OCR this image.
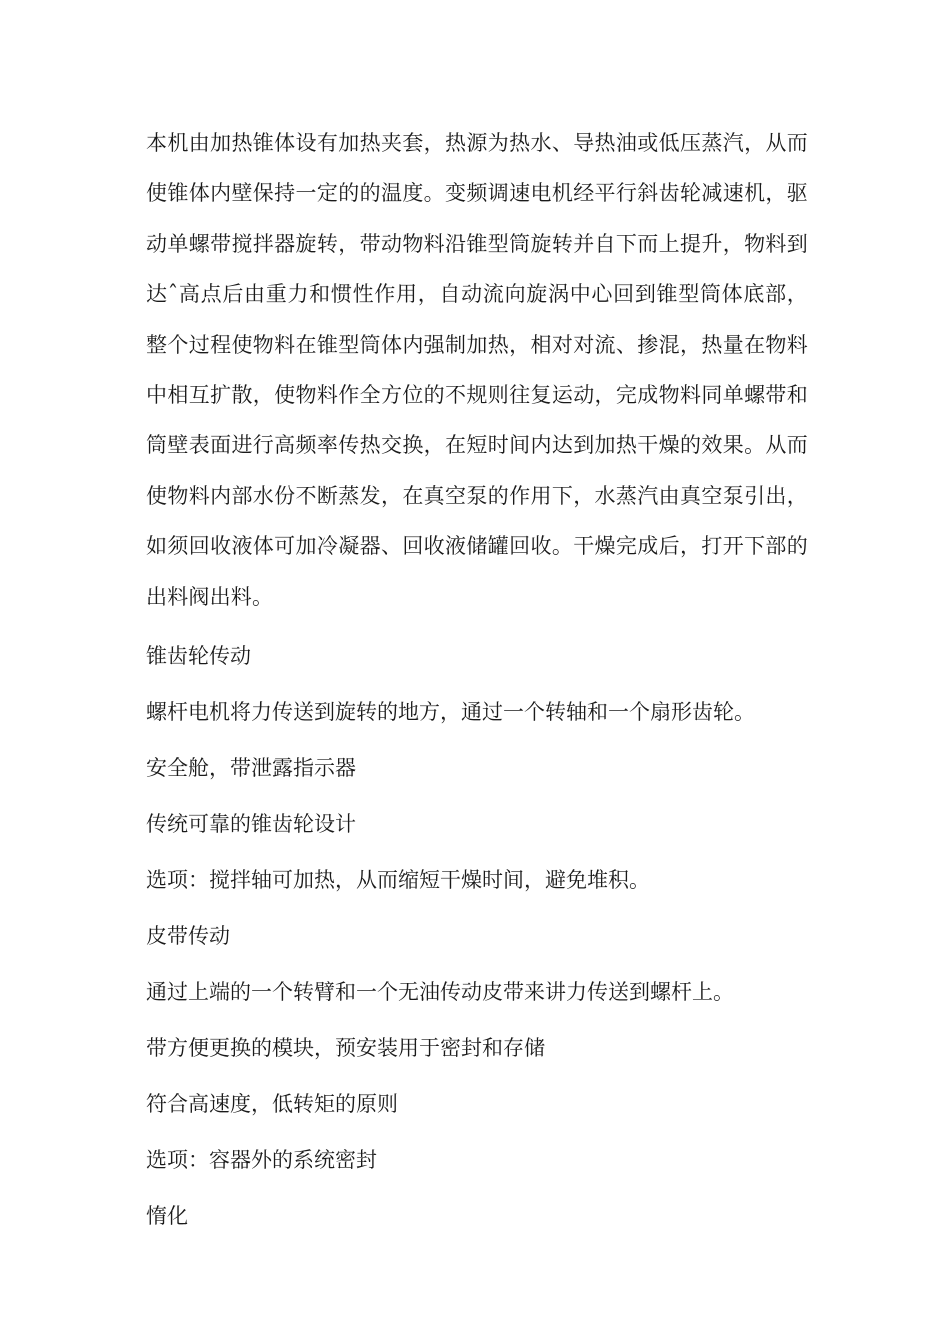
本机由加热锥体设有加热夹套，热源为热水、导热油或低压蒸汽，从而使锥体内壁保持一定的的温度。变频调速电机经平行斜齿轮减速机，驱动单螺带搅拌器旋转，带动物料沿锥型筒旋转并自下而上提升，物料到达ˆ高点后由重力和惯性作用，自动流向旋涡中心回到锥型筒体底部，整个过程使物料在锥型筒体内强制加热，相对对流、掺混，热量在物料中相互扩散，使物料作全方位的不规则往复运动，完成物料同单螺带和筒壁表面进行高频率传热交换，在短时间内达到加热干燥的效果。从而使物料内部水份不断蒸发，在真空泵的作用下，水蒸汽由真空泵引出，如须回收液体可加冷凝器、回收液储罐回收。干燥完成后，打开下部的出料阀出料。

锥齿轮传动

螺杆电机将力传送到旋转的地方，通过一个转轴和一个扇形齿轮。

安全舱，带泄露指示器

传统可靠的锥齿轮设计

选项：搅拌轴可加热，从而缩短干燥时间，避免堆积。

皮带传动

通过上端的一个转臂和一个无油传动皮带来讲力传送到螺杆上。

带方便更换的模块，预安装用于密封和存储

符合高速度，低转矩的原则

选项：容器外的系统密封

惰化
